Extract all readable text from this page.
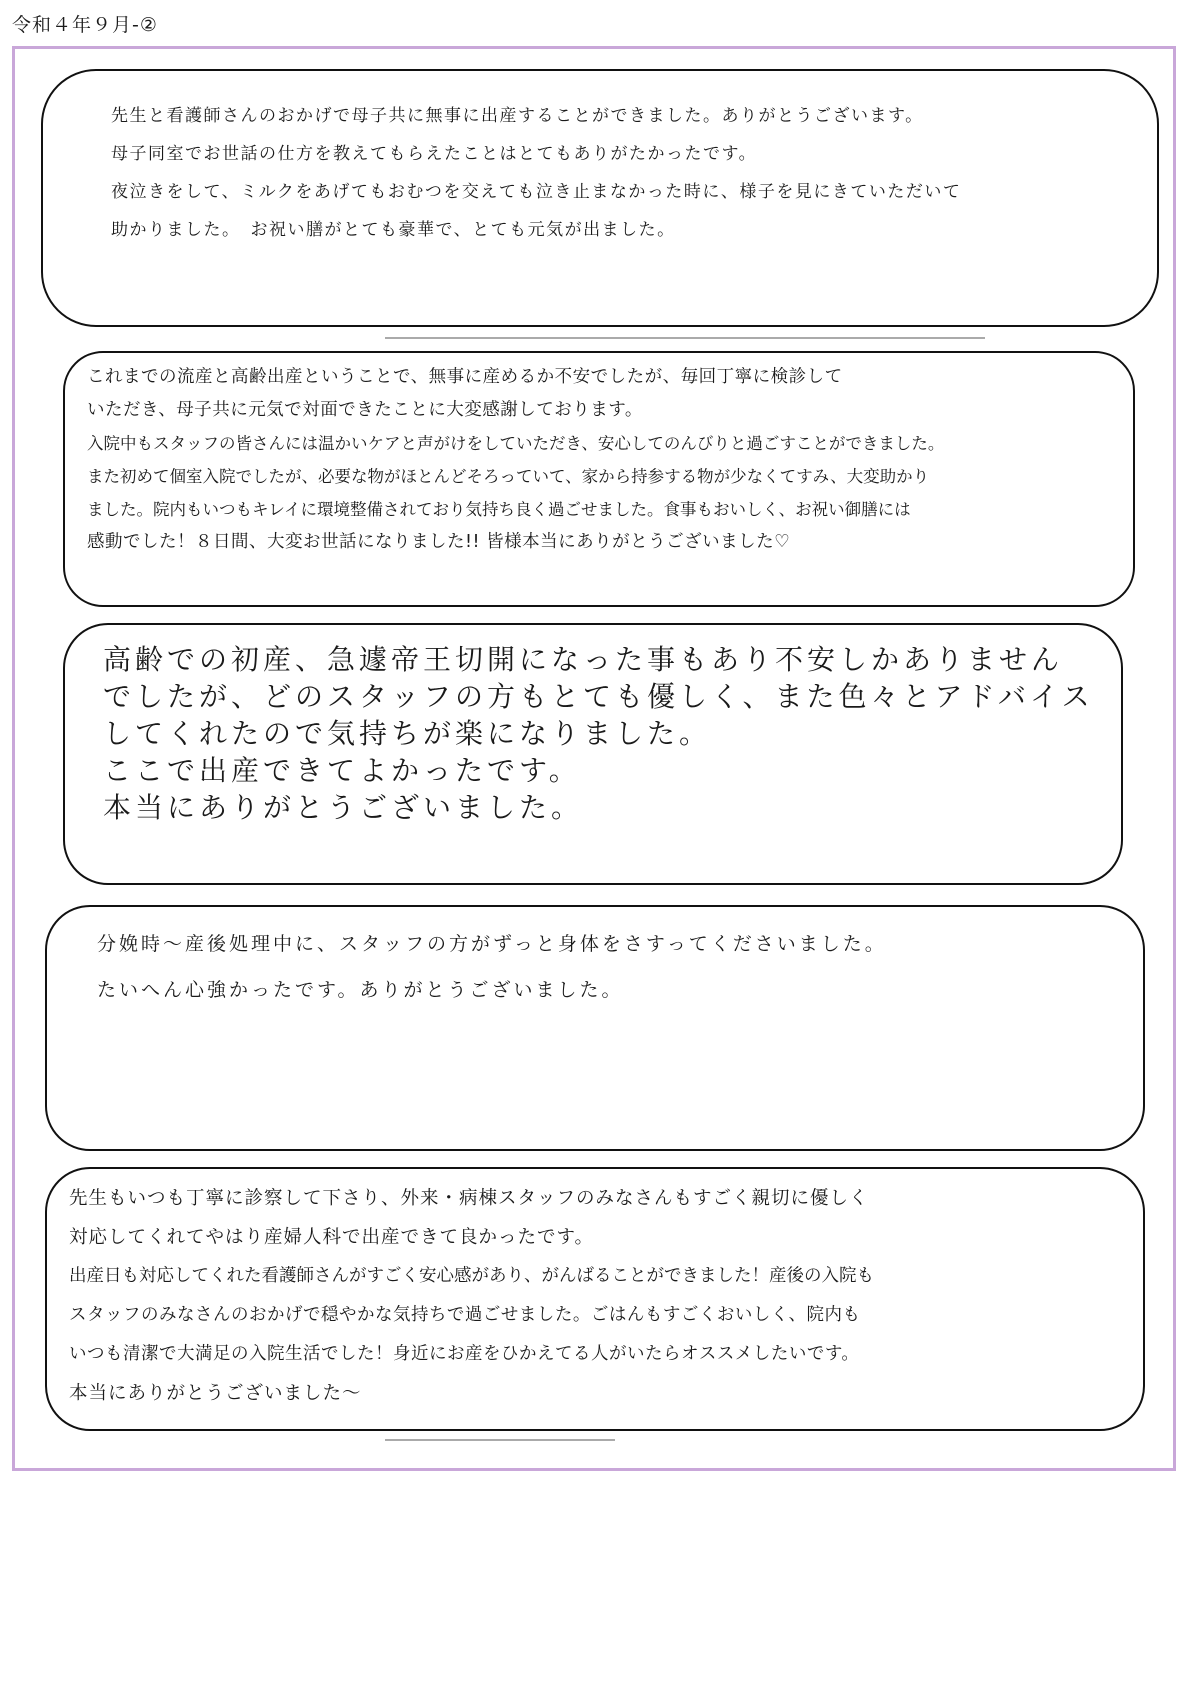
令和４年９月-②

先生と看護師さんのおかげで母子共に無事に出産することができました。ありがとうございます。

母子同室でお世話の仕方を教えてもらえたことはとてもありがたかったです。

夜泣きをして、ミルクをあげてもおむつを交えても泣き止まなかった時に、様子を見にきていただいて

助かりました。　お祝い膳がとても豪華で、とても元気が出ました。

これまでの流産と高齢出産ということで、無事に産めるか不安でしたが、毎回丁寧に検診して

いただき、母子共に元気で対面できたことに大変感謝しております。

入院中もスタッフの皆さんには温かいケアと声がけをしていただき、安心してのんびりと過ごすことができました。

また初めて個室入院でしたが、必要な物がほとんどそろっていて、家から持参する物が少なくてすみ、大変助かり

ました。院内もいつもキレイに環境整備されており気持ち良く過ごせました。食事もおいしく、お祝い御膳には

感動でした！８日間、大変お世話になりました!! 皆様本当にありがとうございました♡

高齢での初産、急遽帝王切開になった事もあり不安しかありません

でしたが、どのスタッフの方もとても優しく、また色々とアドバイス

してくれたので気持ちが楽になりました。

ここで出産できてよかったです。

本当にありがとうございました。

分娩時～産後処理中に、スタッフの方がずっと身体をさすってくださいました。

たいへん心強かったです。ありがとうございました。

先生もいつも丁寧に診察して下さり、外来・病棟スタッフのみなさんもすごく親切に優しく

対応してくれてやはり産婦人科で出産できて良かったです。

出産日も対応してくれた看護師さんがすごく安心感があり、がんばることができました！産後の入院も

スタッフのみなさんのおかげで穏やかな気持ちで過ごせました。ごはんもすごくおいしく、院内も

いつも清潔で大満足の入院生活でした！身近にお産をひかえてる人がいたらオススメしたいです。

本当にありがとうございました～
